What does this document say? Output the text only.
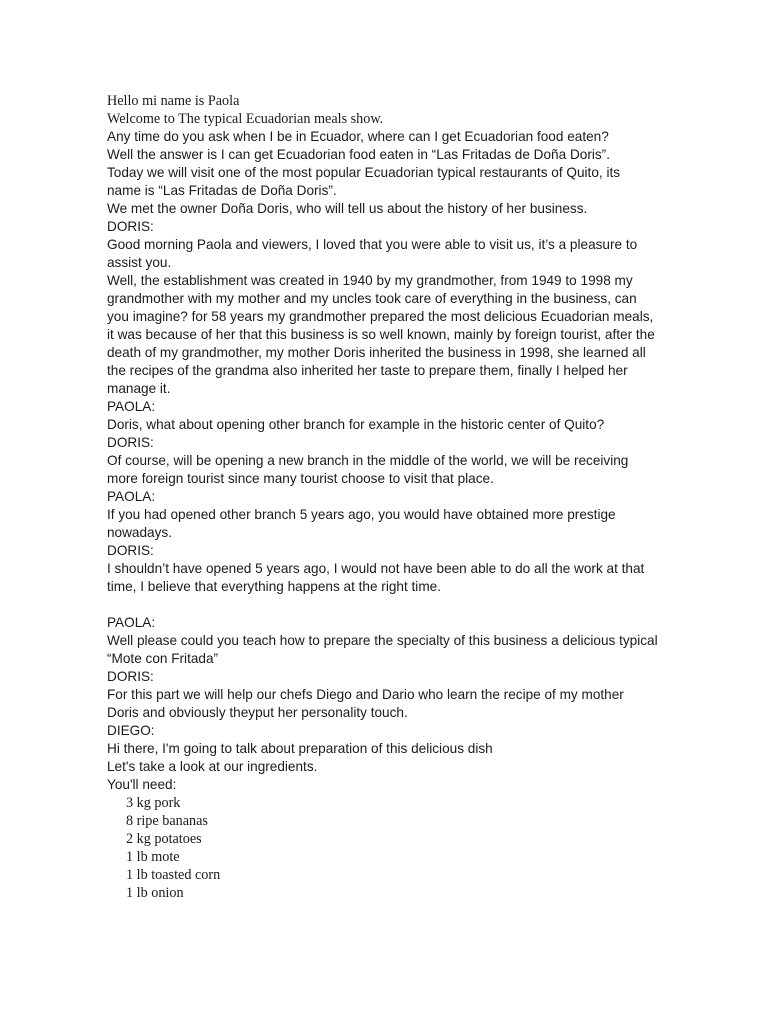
Hello mi name is Paola
Welcome to The typical Ecuadorian meals show.
Any time do you ask when I be in Ecuador, where can I get Ecuadorian food eaten?
Well the answer is I can get Ecuadorian food eaten in “Las Fritadas de Doña Doris”.
Today we will visit one of the most popular Ecuadorian typical restaurants of Quito, its
name is “Las Fritadas de Doña Doris”.
We met the owner Doña Doris, who will tell us about the history of her business.
DORIS:
Good morning Paola and viewers, I loved that you were able to visit us, it’s a pleasure to
assist you.
Well, the establishment was created in 1940 by my grandmother, from 1949 to 1998 my
grandmother with my mother and my uncles took care of everything in the business, can
you imagine? for 58 years my grandmother prepared the most delicious Ecuadorian meals,
it was because of her that this business is so well known, mainly by foreign tourist, after the
death of my grandmother, my mother Doris inherited the business in 1998, she learned all
the recipes of the grandma also inherited her taste to prepare them, finally I helped her
manage it.
PAOLA:
Doris, what about opening other branch for example in the historic center of Quito?
DORIS:
Of course, will be opening a new branch in the middle of the world, we will be receiving
more foreign tourist since many tourist choose to visit that place.
PAOLA:
If you had opened other branch 5 years ago, you would have obtained more prestige
nowadays.
DORIS:
I shouldn’t have opened 5 years ago, I would not have been able to do all the work at that
time, I believe that everything happens at the right time.
PAOLA:
Well please could you teach how to prepare the specialty of this business a delicious typical
“Mote con Fritada”
DORIS:
For this part we will help our chefs Diego and Dario who learn the recipe of my mother
Doris and obviously theyput her personality touch.
DIEGO:
Hi there, I'm going to talk about preparation of this delicious dish
Let's take a look at our ingredients.
You'll need:
3 kg pork
8 ripe bananas
2 kg potatoes
1 lb mote
1 lb toasted corn
1 lb onion
